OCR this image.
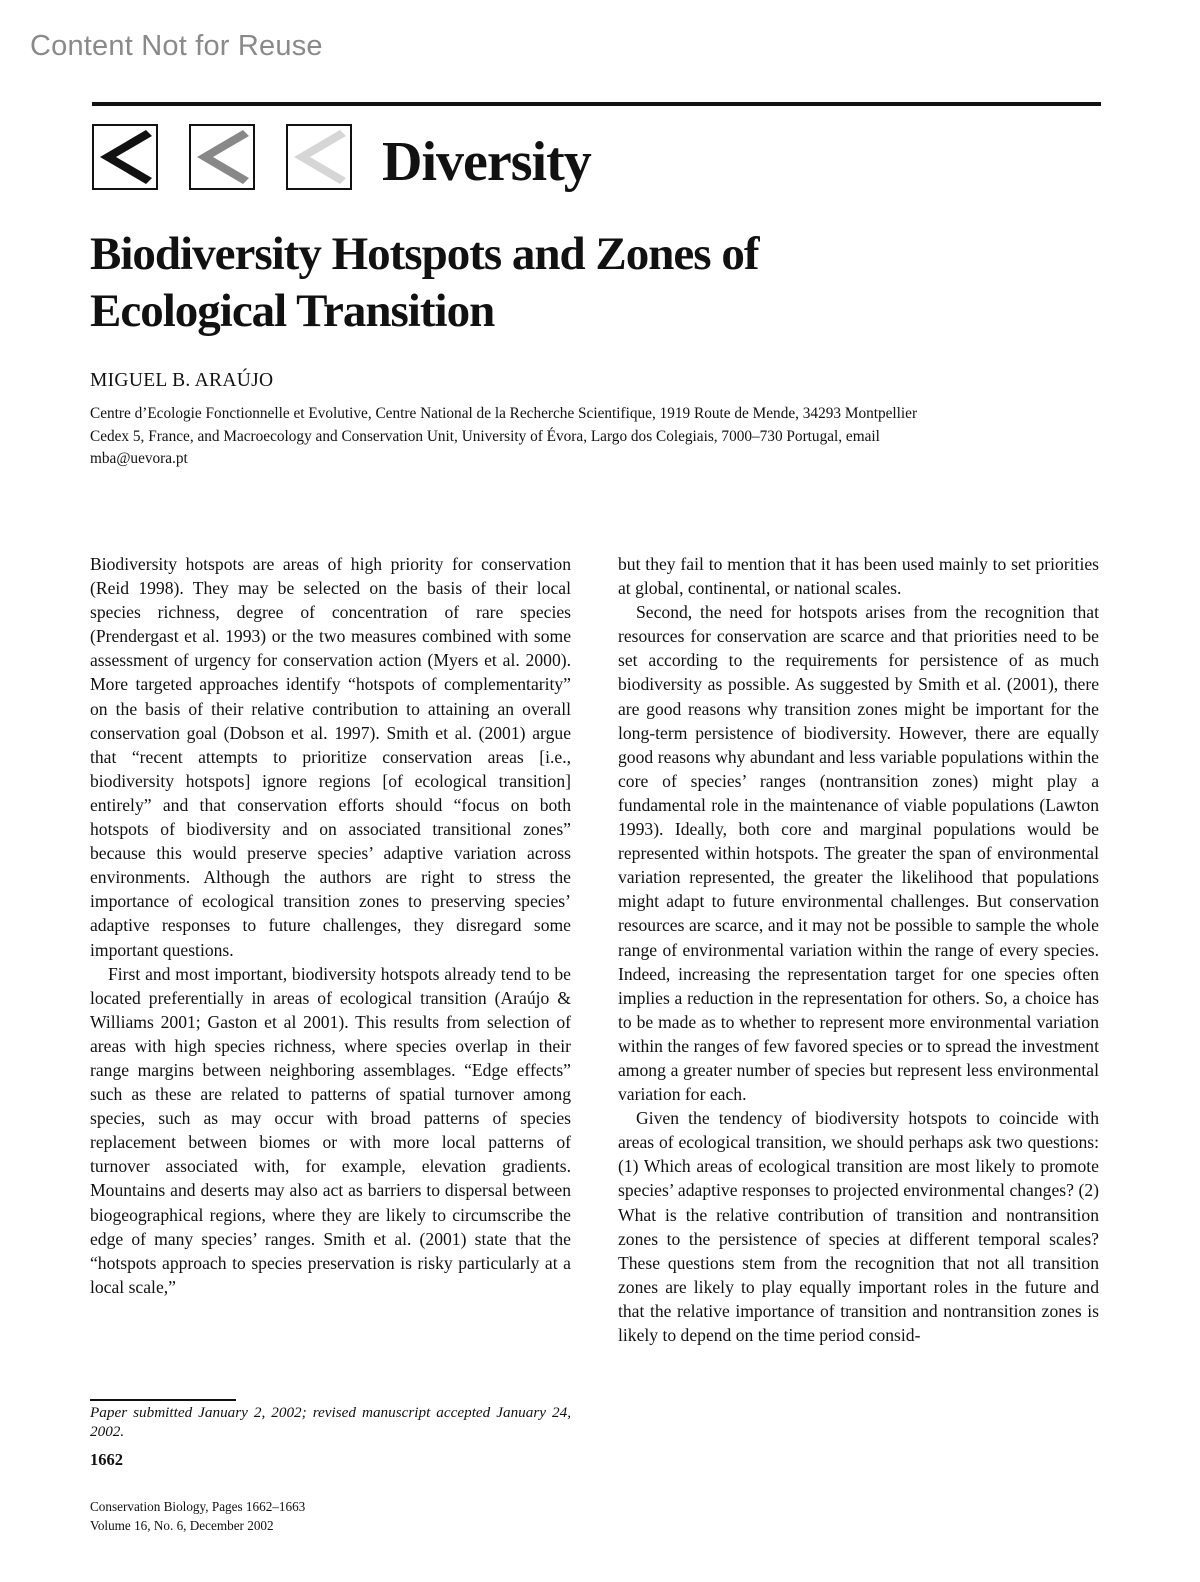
Content Not for Reuse
Diversity
Biodiversity Hotspots and Zones of Ecological Transition
MIGUEL B. ARAÚJO
Centre d’Ecologie Fonctionnelle et Evolutive, Centre National de la Recherche Scientifique, 1919 Route de Mende, 34293 Montpellier Cedex 5, France, and Macroecology and Conservation Unit, University of Évora, Largo dos Colegiais, 7000–730 Portugal, email mba@uevora.pt

Biodiversity hotspots are areas of high priority for conservation (Reid 1998). They may be selected on the basis of their local species richness, degree of concentration of rare species (Prendergast et al. 1993) or the two measures combined with some assessment of urgency for conservation action (Myers et al. 2000). More targeted approaches identify “hotspots of complementarity” on the basis of their relative contribution to attaining an overall conservation goal (Dobson et al. 1997). Smith et al. (2001) argue that “recent attempts to prioritize conservation areas [i.e., biodiversity hotspots] ignore regions [of ecological transition] entirely” and that conservation efforts should “focus on both hotspots of biodiversity and on associated transitional zones” because this would preserve species’ adaptive variation across environments. Although the authors are right to stress the importance of ecological transition zones to preserving species’ adaptive responses to future challenges, they disregard some important questions.

First and most important, biodiversity hotspots already tend to be located preferentially in areas of ecological transition (Araújo & Williams 2001; Gaston et al 2001). This results from selection of areas with high species richness, where species overlap in their range margins between neighboring assemblages. “Edge effects” such as these are related to patterns of spatial turnover among species, such as may occur with broad patterns of species replacement between biomes or with more local patterns of turnover associated with, for example, elevation gradients. Mountains and deserts may also act as barriers to dispersal between biogeographical regions, where they are likely to circumscribe the edge of many species’ ranges. Smith et al. (2001) state that the “hotspots approach to species preservation is risky particularly at a local scale,”

but they fail to mention that it has been used mainly to set priorities at global, continental, or national scales.

Second, the need for hotspots arises from the recognition that resources for conservation are scarce and that priorities need to be set according to the requirements for persistence of as much biodiversity as possible. As suggested by Smith et al. (2001), there are good reasons why transition zones might be important for the long-term persistence of biodiversity. However, there are equally good reasons why abundant and less variable populations within the core of species’ ranges (nontransition zones) might play a fundamental role in the maintenance of viable populations (Lawton 1993). Ideally, both core and marginal populations would be represented within hotspots. The greater the span of environmental variation represented, the greater the likelihood that populations might adapt to future environmental challenges. But conservation resources are scarce, and it may not be possible to sample the whole range of environmental variation within the range of every species. Indeed, increasing the representation target for one species often implies a reduction in the representation for others. So, a choice has to be made as to whether to represent more environmental variation within the ranges of few favored species or to spread the investment among a greater number of species but represent less environmental variation for each.

Given the tendency of biodiversity hotspots to coincide with areas of ecological transition, we should perhaps ask two questions: (1) Which areas of ecological transition are most likely to promote species’ adaptive responses to projected environmental changes? (2) What is the relative contribution of transition and nontransition zones to the persistence of species at different temporal scales? These questions stem from the recognition that not all transition zones are likely to play equally important roles in the future and that the relative importance of transition and nontransition zones is likely to depend on the time period consid-

Paper submitted January 2, 2002; revised manuscript accepted January 24, 2002.
1662
Conservation Biology, Pages 1662–1663
Volume 16, No. 6, December 2002
